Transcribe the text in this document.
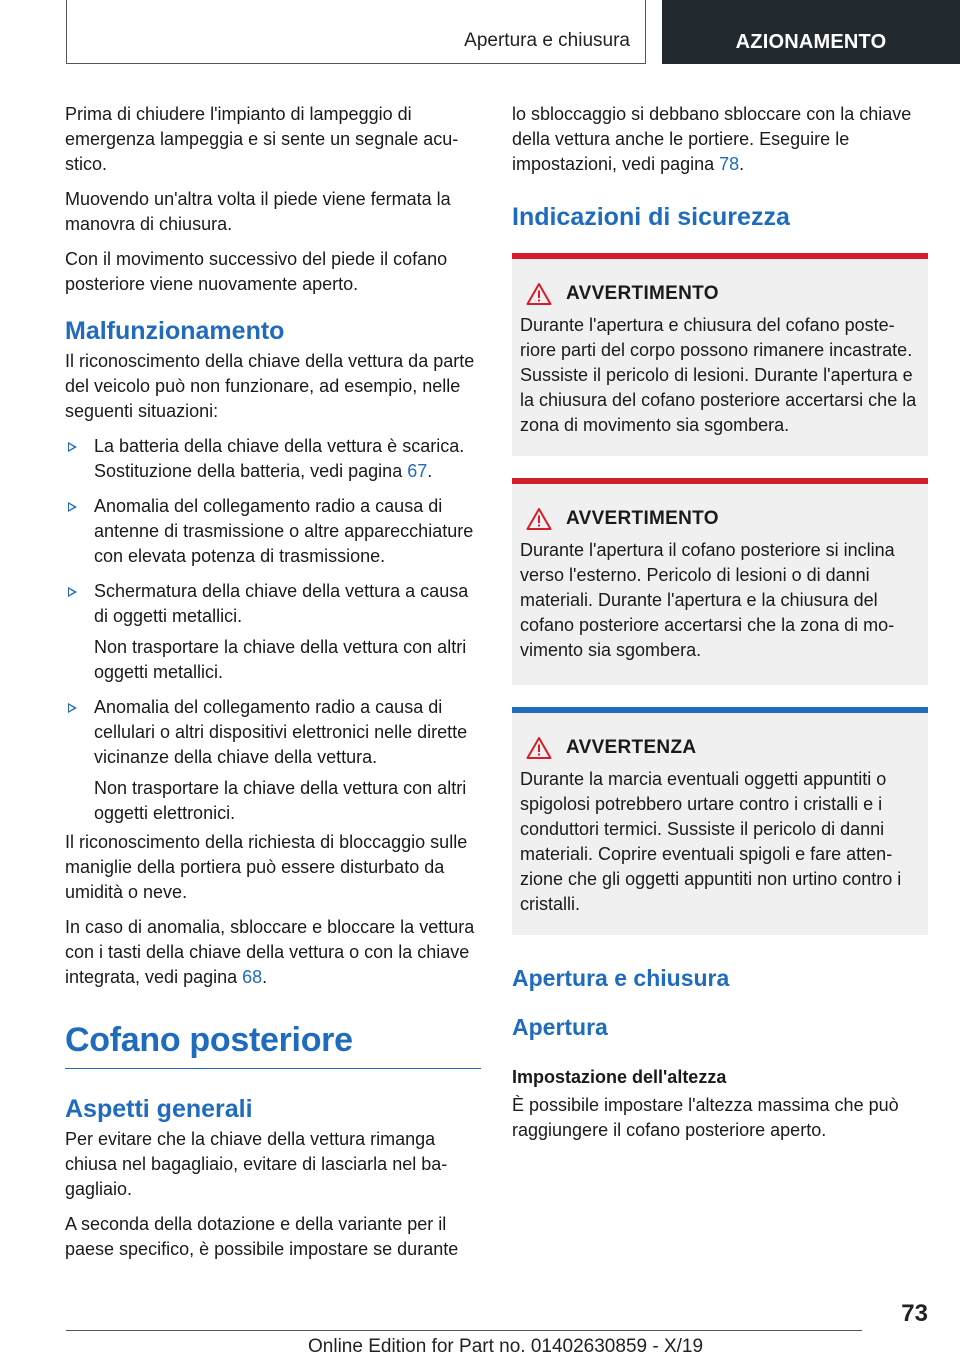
Apertura e chiusura	AZIONAMENTO

Prima di chiudere l'impianto di lampeggio di emergenza lampeggia e si sente un segnale acustico.

Muovendo un'altra volta il piede viene fermata la manovra di chiusura.

Con il movimento successivo del piede il cofano posteriore viene nuovamente aperto.

Malfunzionamento

Il riconoscimento della chiave della vettura da parte del veicolo può non funzionare, ad esempio, nelle seguenti situazioni:

La batteria della chiave della vettura è scarica. Sostituzione della batteria, vedi pagina 67.

Anomalia del collegamento radio a causa di antenne di trasmissione o altre apparecchiature con elevata potenza di trasmissione.

Schermatura della chiave della vettura a causa di oggetti metallici.

Non trasportare la chiave della vettura con altri oggetti metallici.

Anomalia del collegamento radio a causa di cellulari o altri dispositivi elettronici nelle dirette vicinanze della chiave della vettura.

Non trasportare la chiave della vettura con altri oggetti elettronici.

Il riconoscimento della richiesta di bloccaggio sulle maniglie della portiera può essere disturbato da umidità o neve.

In caso di anomalia, sbloccare e bloccare la vettura con i tasti della chiave della vettura o con la chiave integrata, vedi pagina 68.

Cofano posteriore
Aspetti generali

Per evitare che la chiave della vettura rimanga chiusa nel bagagliaio, evitare di lasciarla nel bagagliaio.

A seconda della dotazione e della variante per il paese specifico, è possibile impostare se durante

lo sbloccaggio si debbano sbloccare con la chiave della vettura anche le portiere. Eseguire le impostazioni, vedi pagina 78.

Indicazioni di sicurezza
AVVERTIMENTO

Durante l'apertura e chiusura del cofano posteriore parti del corpo possono rimanere incastrate. Sussiste il pericolo di lesioni. Durante l'apertura e la chiusura del cofano posteriore accertarsi che la zona di movimento sia sgombera.

AVVERTIMENTO

Durante l'apertura il cofano posteriore si inclina verso l'esterno. Pericolo di lesioni o di danni materiali. Durante l'apertura e la chiusura del cofano posteriore accertarsi che la zona di movimento sia sgombera.

AVVERTENZA

Durante la marcia eventuali oggetti appuntiti o spigolosi potrebbero urtare contro i cristalli e i conduttori termici. Sussiste il pericolo di danni materiali. Coprire eventuali spigoli e fare attenzione che gli oggetti appuntiti non urtino contro i cristalli.

Apertura e chiusura
Apertura
Impostazione dell'altezza

È possibile impostare l'altezza massima che può raggiungere il cofano posteriore aperto.

73
Online Edition for Part no. 01402630859 - X/19
